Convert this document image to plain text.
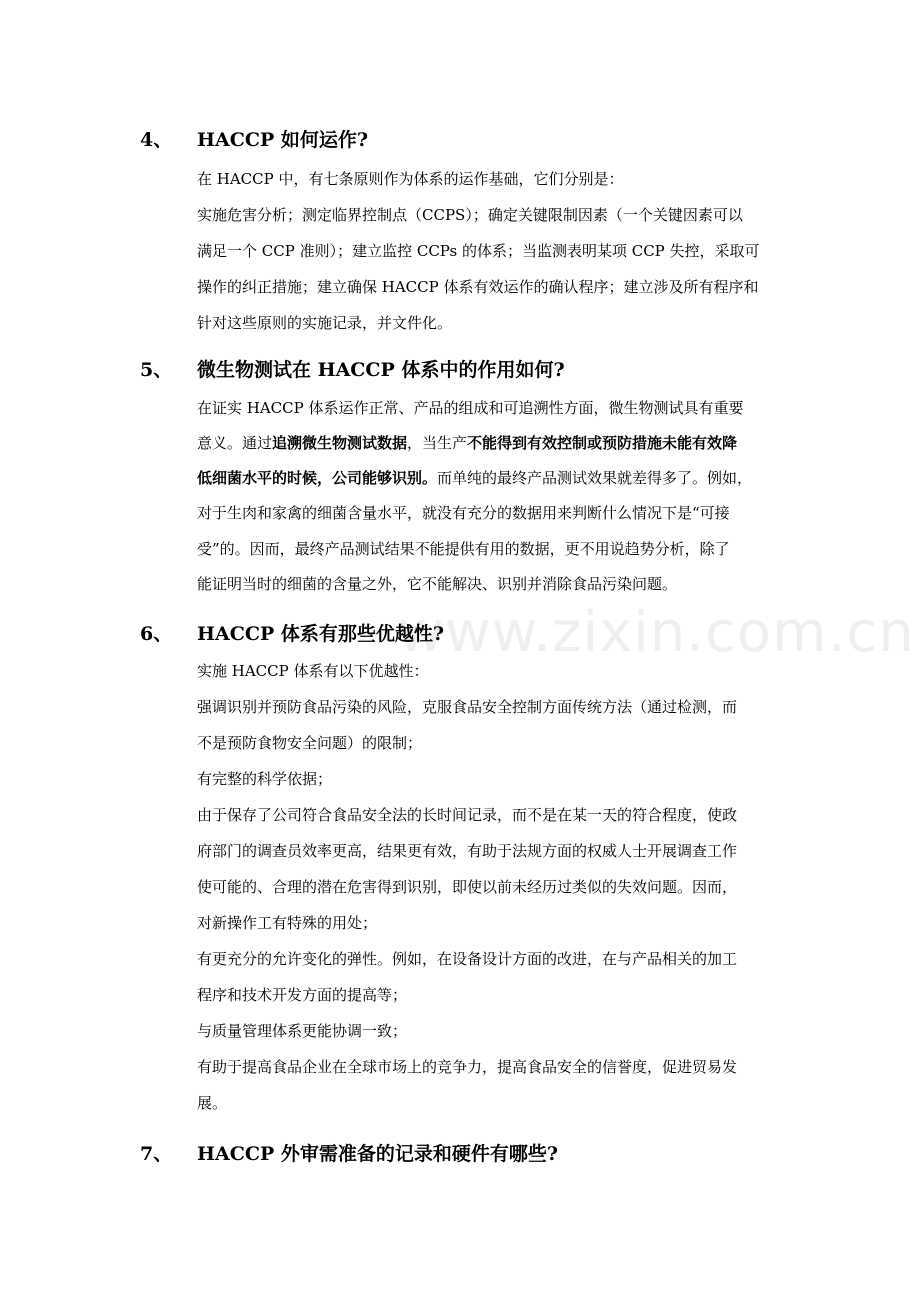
www.zixin.com.cn
4、 HACCP 如何运作?
在 HACCP 中，有七条原则作为体系的运作基础，它们分别是：
实施危害分析；测定临界控制点（CCPS）；确定关键限制因素（一个关键因素可以
满足一个 CCP 准则）；建立监控 CCPs 的体系；当监测表明某项 CCP 失控，采取可
操作的纠正措施；建立确保 HACCP 体系有效运作的确认程序；建立涉及所有程序和
针对这些原则的实施记录，并文件化。
5、 微生物测试在 HACCP 体系中的作用如何?
在证实 HACCP 体系运作正常、产品的组成和可追溯性方面，微生物测试具有重要
意义。通过追溯微生物测试数据，当生产不能得到有效控制或预防措施未能有效降
低细菌水平的时候，公司能够识别。而单纯的最终产品测试效果就差得多了。例如，
对于生肉和家禽的细菌含量水平，就没有充分的数据用来判断什么情况下是“可接
受”的。因而，最终产品测试结果不能提供有用的数据，更不用说趋势分析，除了
能证明当时的细菌的含量之外，它不能解决、识别并消除食品污染问题。
6、 HACCP 体系有那些优越性?
实施 HACCP 体系有以下优越性：
强调识别并预防食品污染的风险，克服食品安全控制方面传统方法（通过检测，而
不是预防食物安全问题）的限制；
有完整的科学依据；
由于保存了公司符合食品安全法的长时间记录，而不是在某一天的符合程度，使政
府部门的调查员效率更高，结果更有效，有助于法规方面的权威人士开展调查工作
使可能的、合理的潜在危害得到识别，即使以前未经历过类似的失效问题。因而，
对新操作工有特殊的用处；
有更充分的允许变化的弹性。例如，在设备设计方面的改进，在与产品相关的加工
程序和技术开发方面的提高等；
与质量管理体系更能协调一致；
有助于提高食品企业在全球市场上的竞争力，提高食品安全的信誉度，促进贸易发
展。
7、 HACCP 外审需准备的记录和硬件有哪些?
